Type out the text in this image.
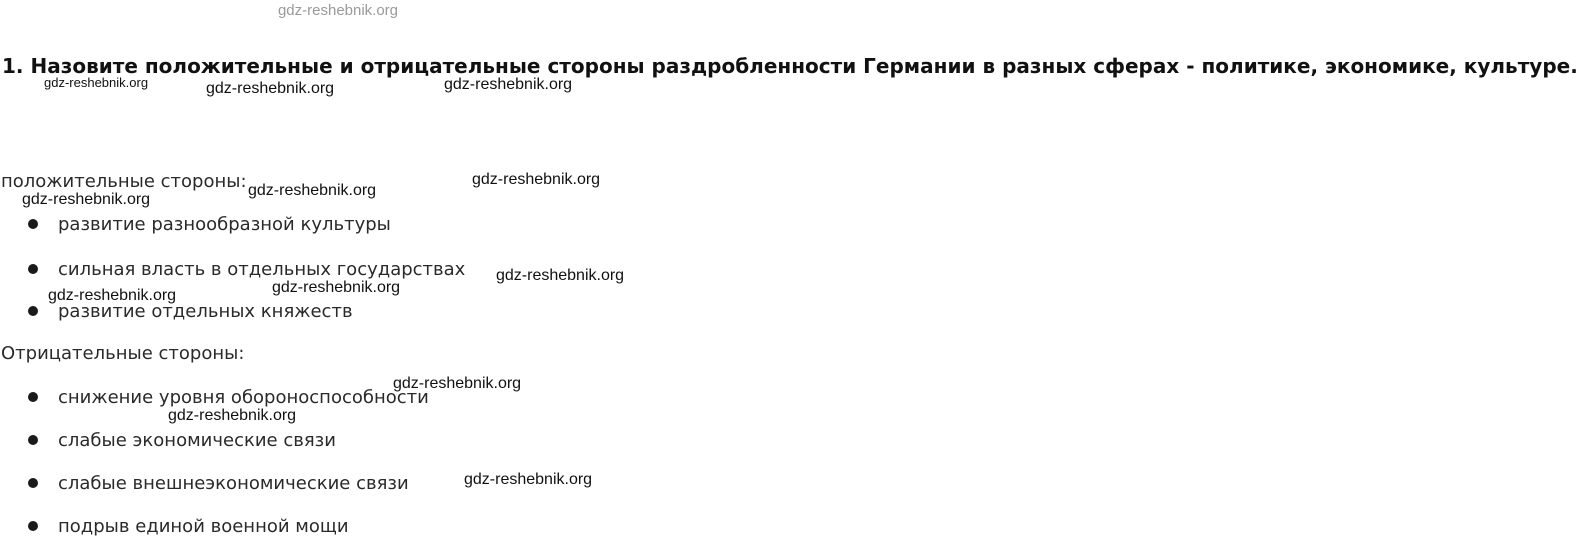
gdz-reshebnik.org
1. Назовите положительные и отрицательные стороны раздробленности Германии в разных сферах - политике, экономике, культуре.
положительные стороны:
развитие разнообразной культуры
сильная власть в отдельных государствах
развитие отдельных княжеств
Отрицательные стороны:
снижение уровня обороноспособности
слабые экономические связи
слабые внешнеэкономические связи
подрыв единой военной мощи
gdz-reshebnik.org	gdz-reshebnik.org	gdz-reshebnik.org
gdz-reshebnik.org
gdz-reshebnik.org
gdz-reshebnik.org
gdz-reshebnik.org
gdz-reshebnik.org	gdz-reshebnik.org
gdz-reshebnik.org
gdz-reshebnik.org
gdz-reshebnik.org
